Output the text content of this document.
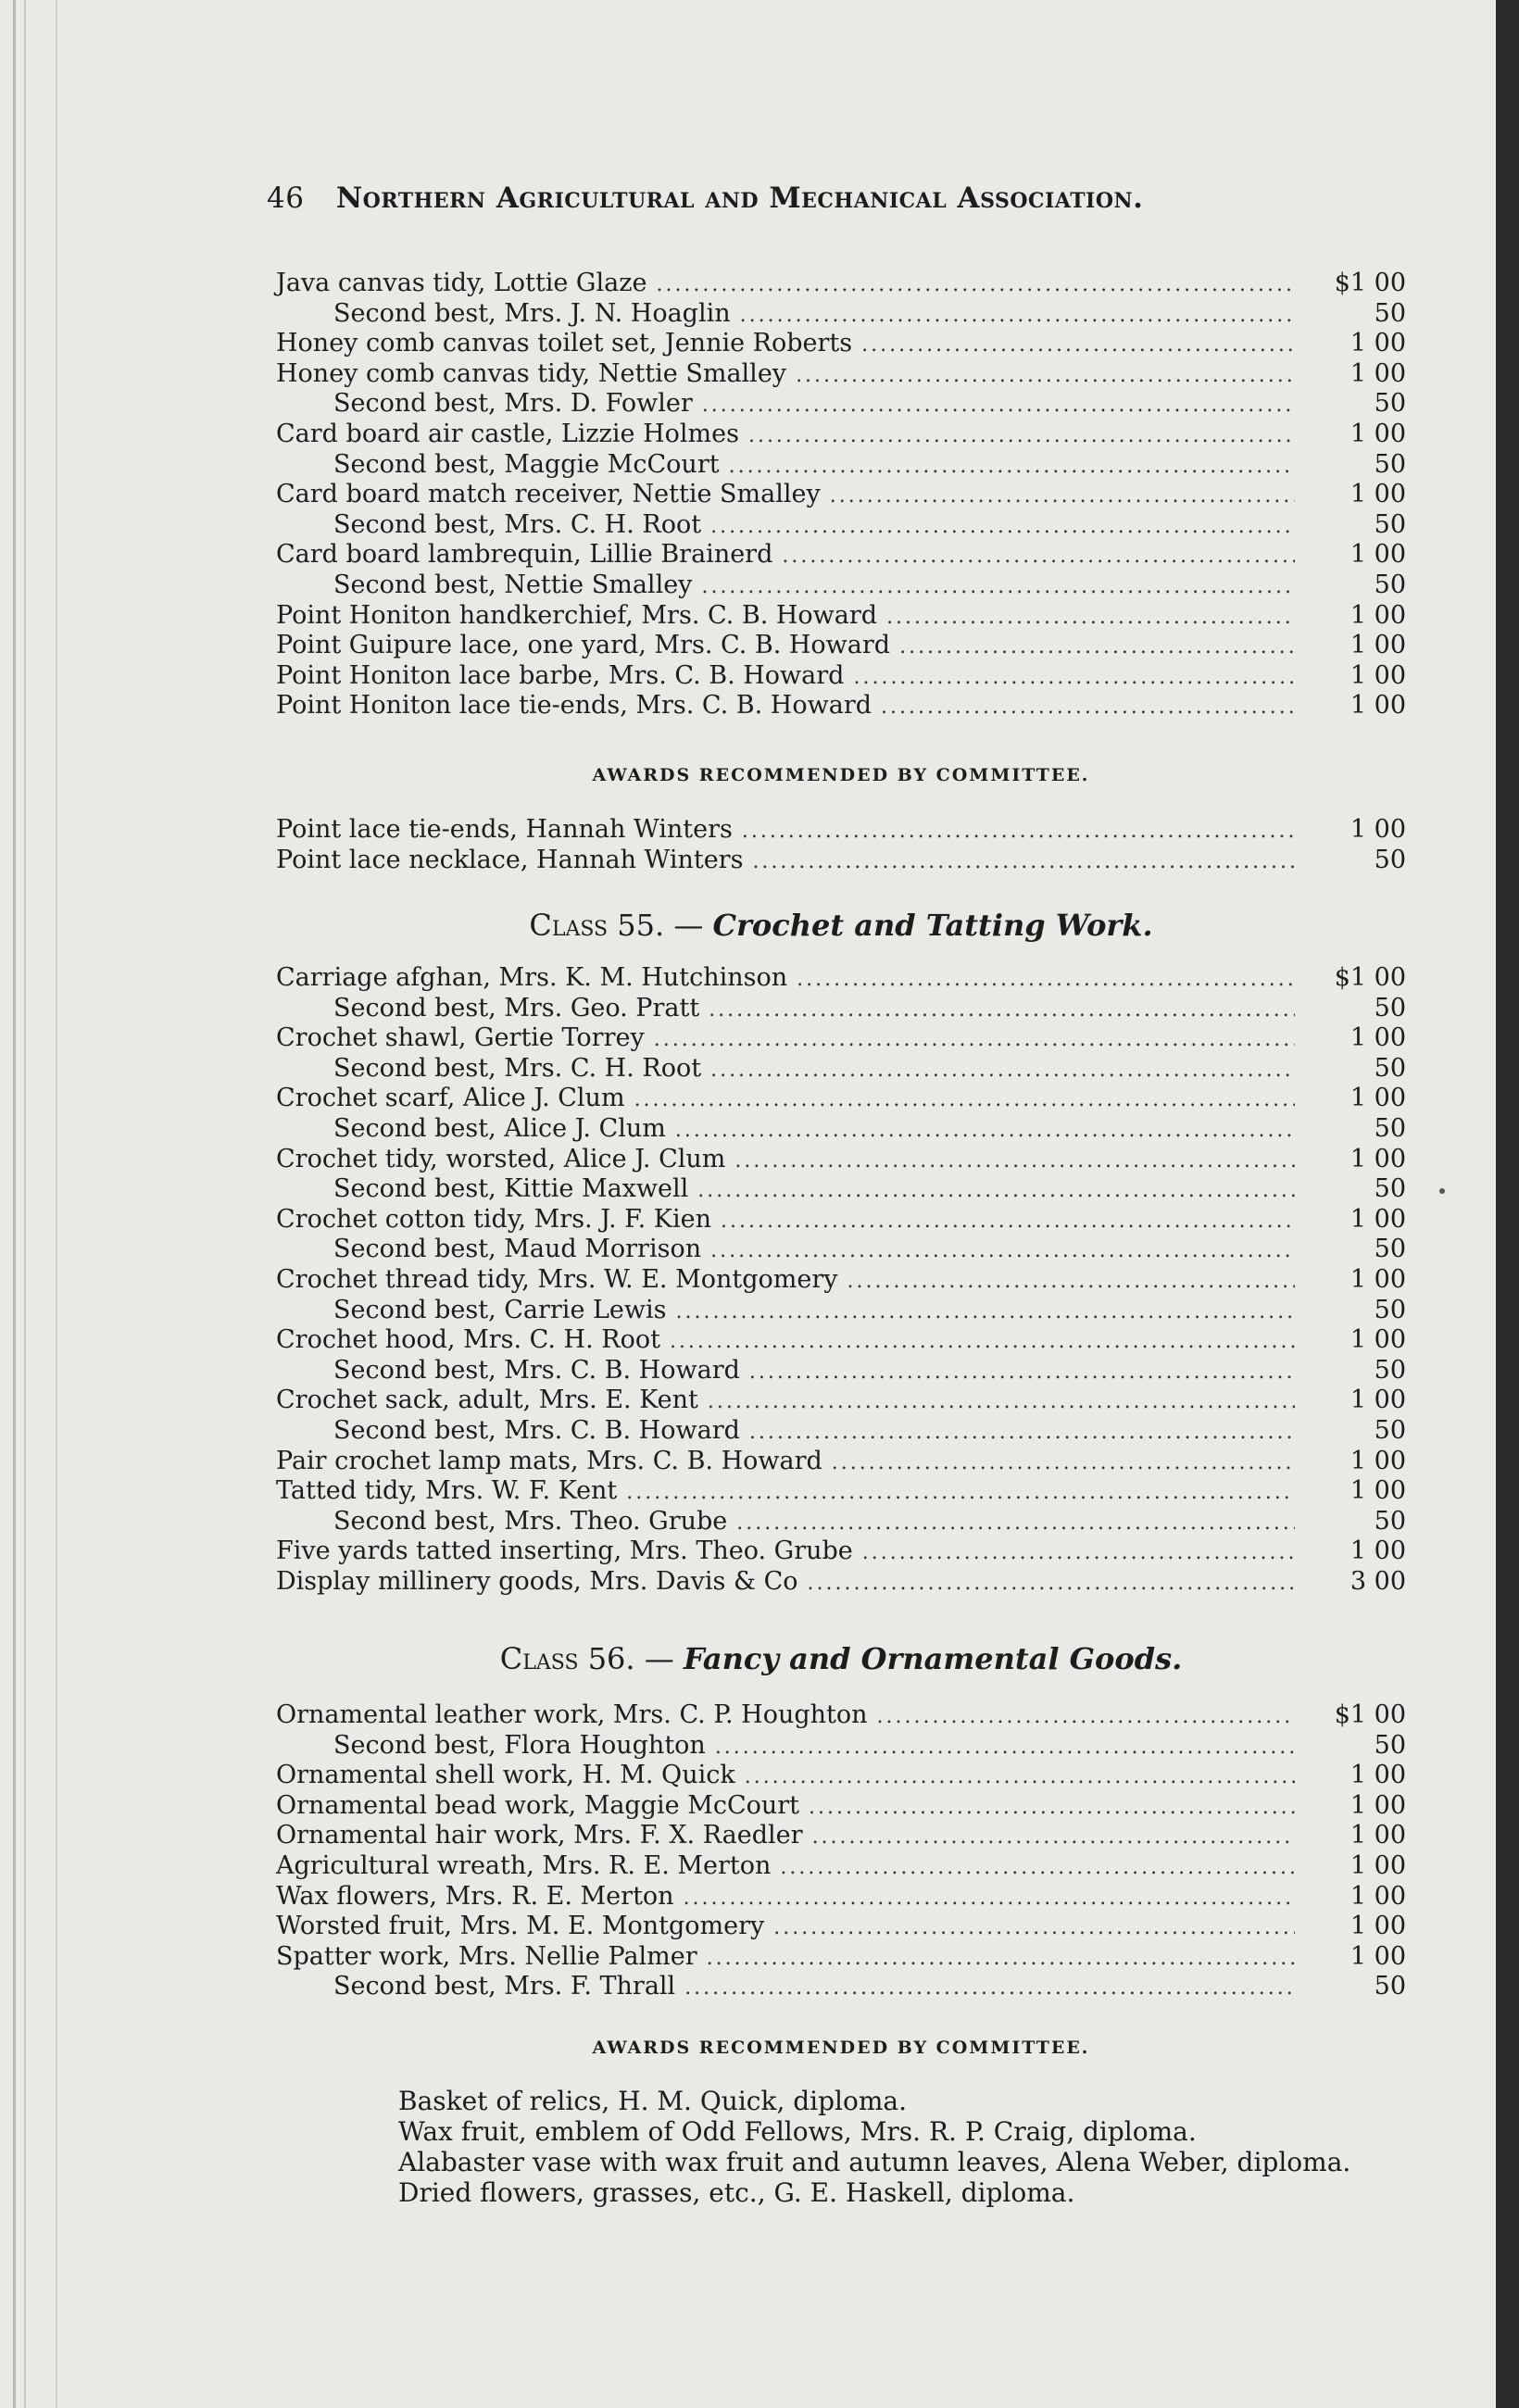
46 Northern Agricultural and Mechanical Association.
Java canvas tidy, Lottie Glaze .....	$1 00
Second best, Mrs. J. N. Hoaglin .....	50
Honey comb canvas toilet set, Jennie Roberts .....	1 00
Honey comb canvas tidy, Nettie Smalley .....	1 00
Second best, Mrs. D. Fowler .....	50
Card board air castle, Lizzie Holmes .....	1 00
Second best, Maggie McCourt .....	50
Card board match receiver, Nettie Smalley .....	1 00
Second best, Mrs. C. H. Root .....	50
Card board lambrequin, Lillie Brainerd .....	1 00
Second best, Nettie Smalley .....	50
Point Honiton handkerchief, Mrs. C. B. Howard .....	1 00
Point Guipure lace, one yard, Mrs. C. B. Howard .....	1 00
Point Honiton lace barbe, Mrs. C. B. Howard .....	1 00
Point Honiton lace tie-ends, Mrs. C. B. Howard .....	1 00
AWARDS RECOMMENDED BY COMMITTEE.
Point lace tie-ends, Hannah Winters .....	1 00
Point lace necklace, Hannah Winters .....	50
Class 55. — Crochet and Tatting Work.
Carriage afghan, Mrs. K. M. Hutchinson .....	$1 00
Second best, Mrs. Geo. Pratt .....	50
Crochet shawl, Gertie Torrey .....	1 00
Second best, Mrs. C. H. Root .....	50
Crochet scarf, Alice J. Clum .....	1 00
Second best, Alice J. Clum .....	50
Crochet tidy, worsted, Alice J. Clum .....	1 00
Second best, Kittie Maxwell .....	50
Crochet cotton tidy, Mrs. J. F. Kien .....	1 00
Second best, Maud Morrison .....	50
Crochet thread tidy, Mrs. W. E. Montgomery .....	1 00
Second best, Carrie Lewis .....	50
Crochet hood, Mrs. C. H. Root .....	1 00
Second best, Mrs. C. B. Howard .....	50
Crochet sack, adult, Mrs. E. Kent .....	1 00
Second best, Mrs. C. B. Howard .....	50
Pair crochet lamp mats, Mrs. C. B. Howard .....	1 00
Tatted tidy, Mrs. W. F. Kent .....	1 00
Second best, Mrs. Theo. Grube .....	50
Five yards tatted inserting, Mrs. Theo. Grube .....	1 00
Display millinery goods, Mrs. Davis & Co .....	3 00
Class 56. — Fancy and Ornamental Goods.
Ornamental leather work, Mrs. C. P. Houghton .....	$1 00
Second best, Flora Houghton .....	50
Ornamental shell work, H. M. Quick .....	1 00
Ornamental bead work, Maggie McCourt .....	1 00
Ornamental hair work, Mrs. F. X. Raedler .....	1 00
Agricultural wreath, Mrs. R. E. Merton .....	1 00
Wax flowers, Mrs. R. E. Merton .....	1 00
Worsted fruit, Mrs. M. E. Montgomery .....	1 00
Spatter work, Mrs. Nellie Palmer .....	1 00
Second best, Mrs. F. Thrall .....	50
AWARDS RECOMMENDED BY COMMITTEE.
Basket of relics, H. M. Quick, diploma.
Wax fruit, emblem of Odd Fellows, Mrs. R. P. Craig, diploma.
Alabaster vase with wax fruit and autumn leaves, Alena Weber, diploma.
Dried flowers, grasses, etc., G. E. Haskell, diploma.
